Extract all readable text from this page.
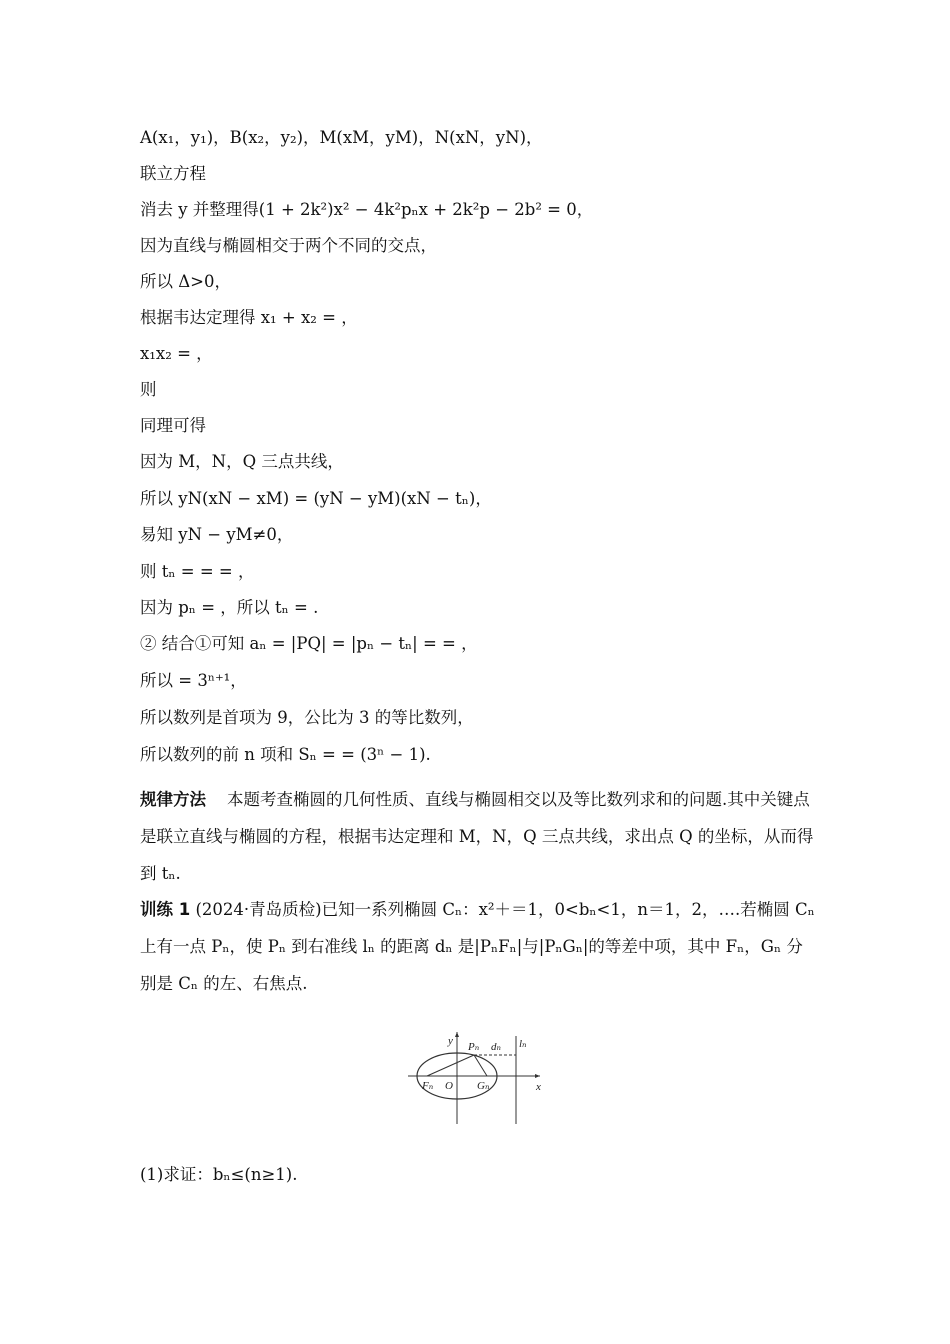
A(x₁，y₁)，B(x₂，y₂)，M(xM，yM)，N(xN，yN)，
联立方程
消去 y 并整理得(1 + 2k²)x² − 4k²pₙx + 2k²p − 2b² = 0，
因为直线与椭圆相交于两个不同的交点，
所以 Δ>0，
根据韦达定理得 x₁ + x₂ = ，
x₁x₂ = ，
则
同理可得
因为 M，N，Q 三点共线，
所以 yN(xN − xM) = (yN − yM)(xN − tₙ)，
易知 yN − yM≠0，
则 tₙ = = = ，
因为 pₙ = ，所以 tₙ = .
② 结合①可知 aₙ = |PQ| = |pₙ − tₙ| = = ，
所以 = 3ⁿ⁺¹，
所以数列是首项为 9，公比为 3 的等比数列，
所以数列的前 n 项和 Sₙ = = (3ⁿ − 1).
规律方法 本题考查椭圆的几何性质、直线与椭圆相交以及等比数列求和的问题.其中关键点是联立直线与椭圆的方程，根据韦达定理和 M，N，Q 三点共线，求出点 Q 的坐标，从而得到 tₙ.
训练 1 (2024·青岛质检)已知一系列椭圆 Cₙ：x²＋＝1，0<bₙ<1，n＝1，2，….若椭圆 Cₙ 上有一点 Pₙ，使 Pₙ 到右准线 lₙ 的距离 dₙ 是|PₙFₙ|与|PₙGₙ|的等差中项，其中 Fₙ，Gₙ 分别是 Cₙ 的左、右焦点.
y
x
lₙ
Pₙ dₙ
O
Fₙ	Gₙ
(1)求证：bₙ≤(n≥1).
